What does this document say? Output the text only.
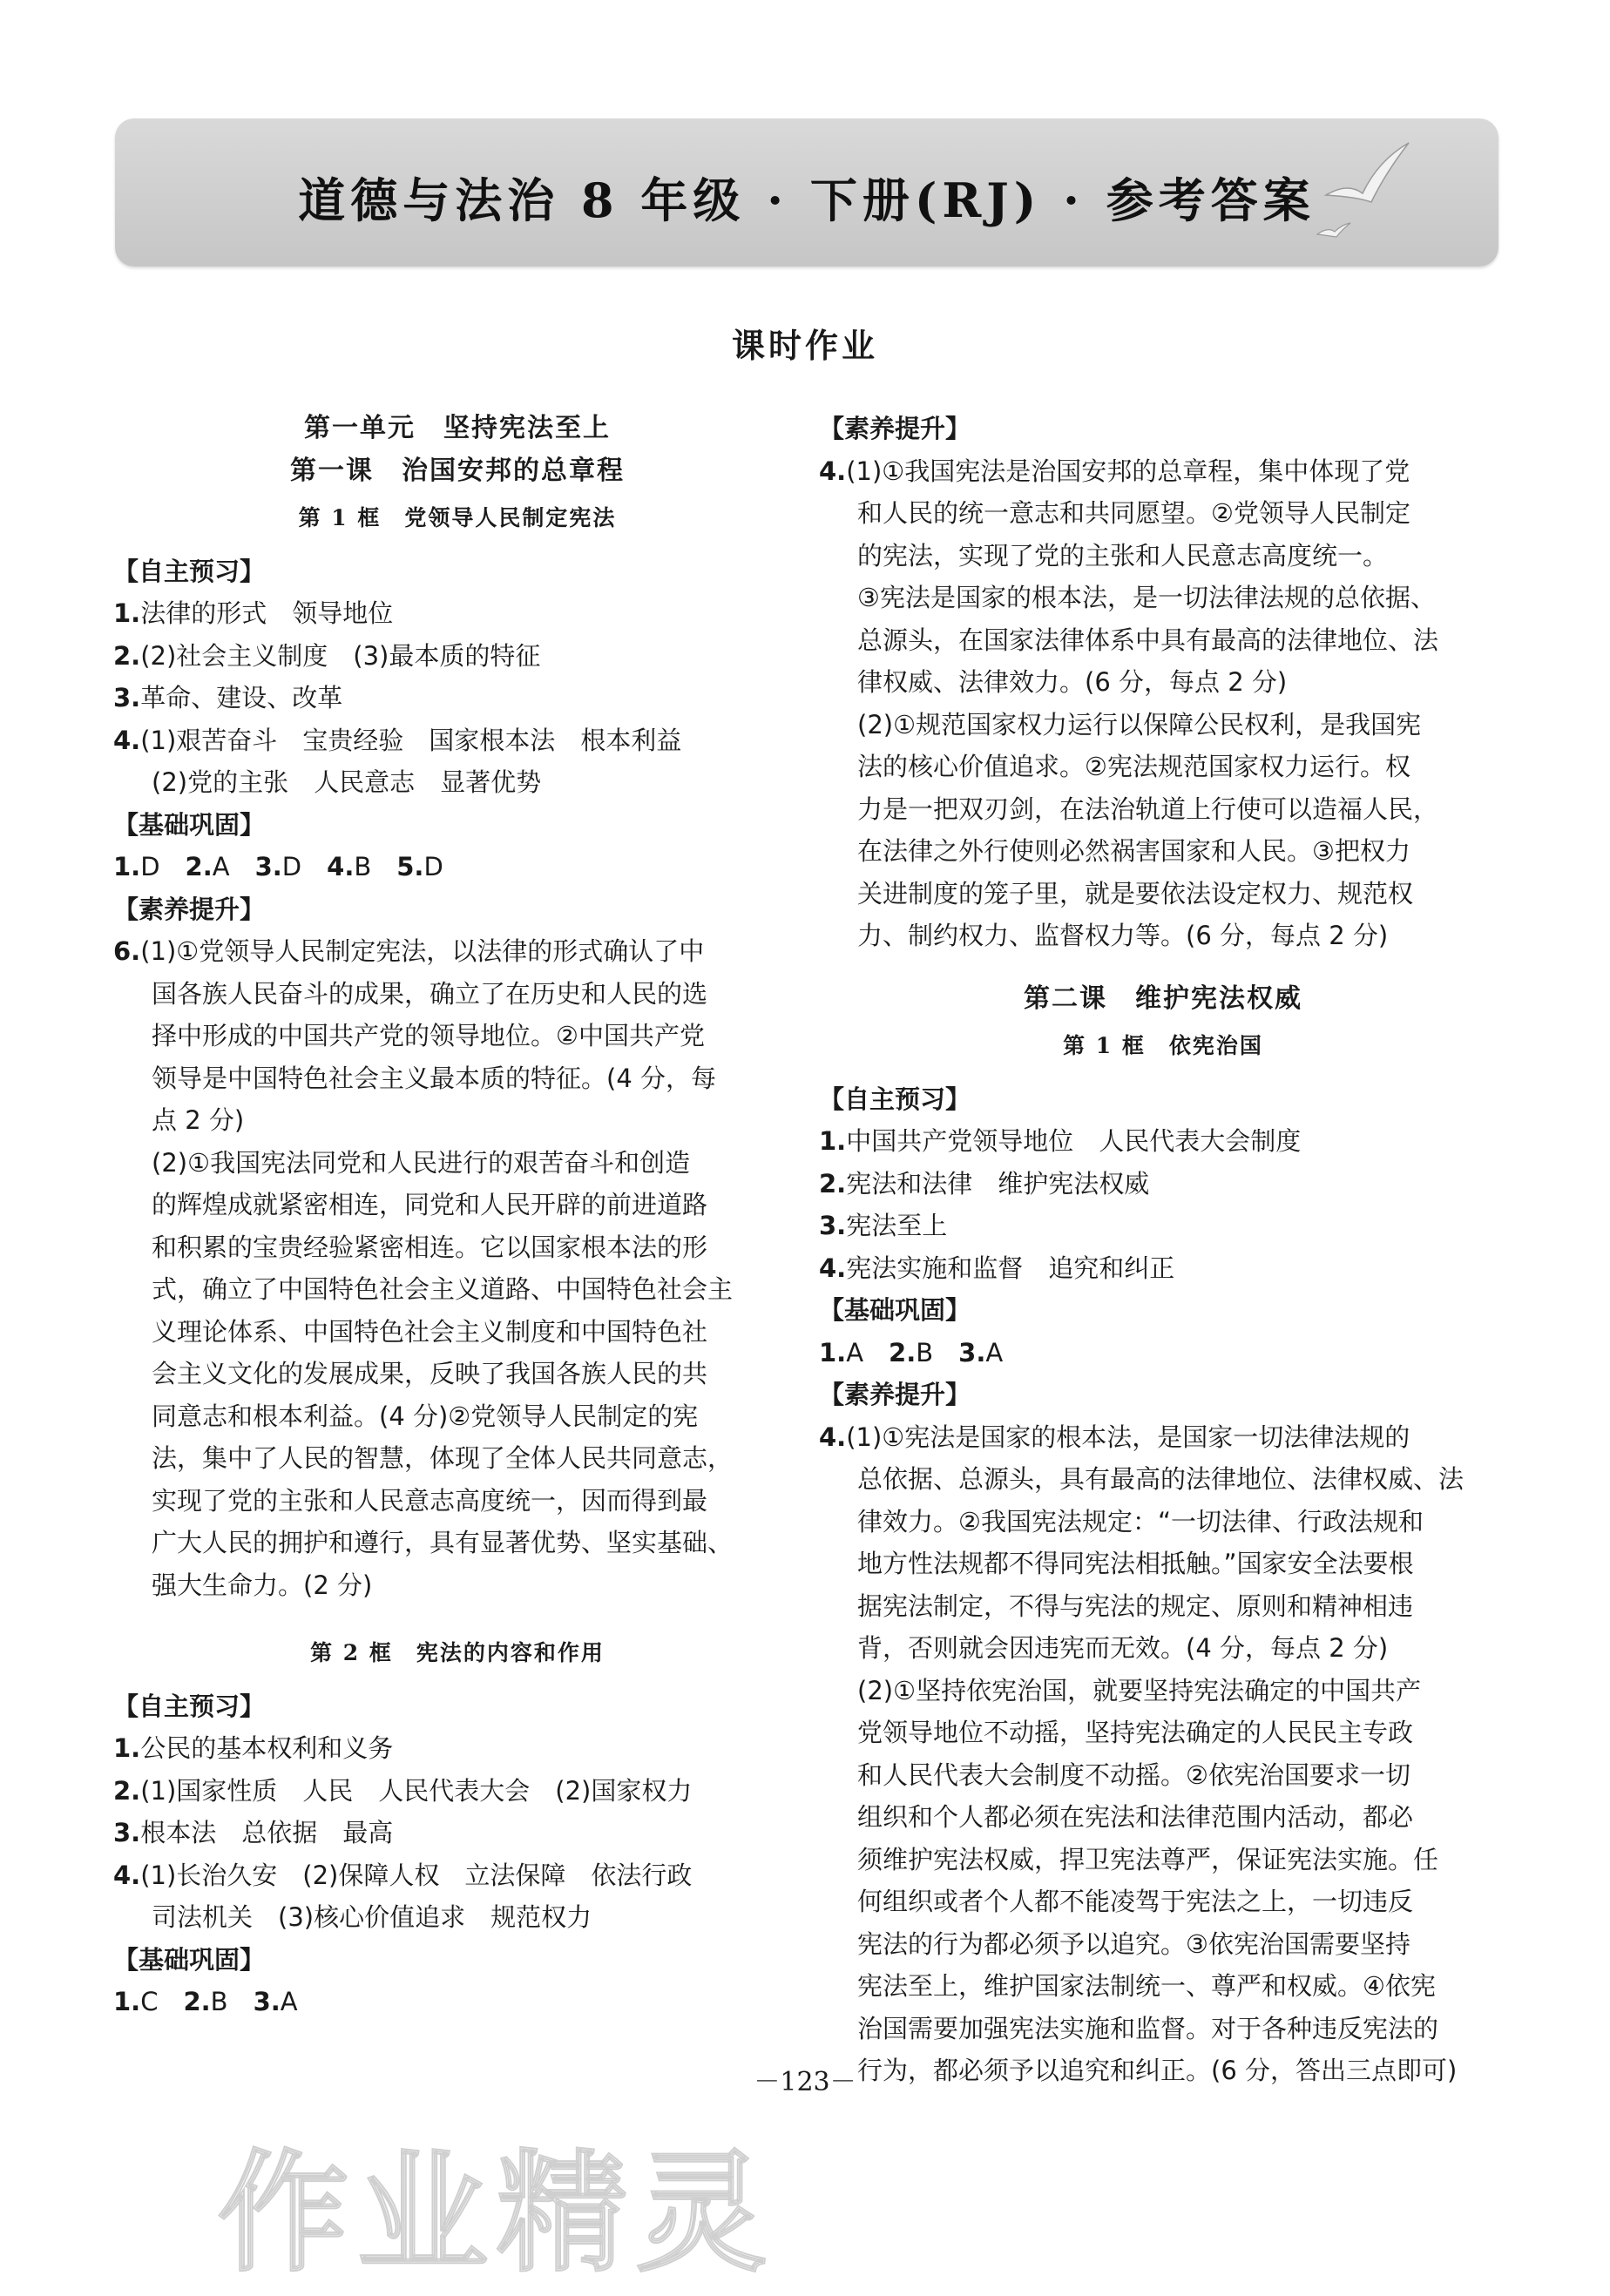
道德与法治 8 年级 · 下册(RJ) · 参考答案
课时作业
第一单元　坚持宪法至上
第一课　治国安邦的总章程
第 1 框　党领导人民制定宪法
【自主预习】
1.法律的形式　领导地位
2.(2)社会主义制度　(3)最本质的特征
3.革命、建设、改革
4.(1)艰苦奋斗　宝贵经验　国家根本法　根本利益
(2)党的主张　人民意志　显著优势
【基础巩固】
1.D　2.A　3.D　4.B　5.D
【素养提升】
6.(1)①党领导人民制定宪法，以法律的形式确认了中
国各族人民奋斗的成果，确立了在历史和人民的选
择中形成的中国共产党的领导地位。②中国共产党
领导是中国特色社会主义最本质的特征。(4 分，每
点 2 分)
(2)①我国宪法同党和人民进行的艰苦奋斗和创造
的辉煌成就紧密相连，同党和人民开辟的前进道路
和积累的宝贵经验紧密相连。它以国家根本法的形
式，确立了中国特色社会主义道路、中国特色社会主
义理论体系、中国特色社会主义制度和中国特色社
会主义文化的发展成果，反映了我国各族人民的共
同意志和根本利益。(4 分)②党领导人民制定的宪
法，集中了人民的智慧，体现了全体人民共同意志，
实现了党的主张和人民意志高度统一，因而得到最
广大人民的拥护和遵行，具有显著优势、坚实基础、
强大生命力。(2 分)
第 2 框　宪法的内容和作用
【自主预习】
1.公民的基本权利和义务
2.(1)国家性质　人民　人民代表大会　(2)国家权力
3.根本法　总依据　最高
4.(1)长治久安　(2)保障人权　立法保障　依法行政
司法机关　(3)核心价值追求　规范权力
【基础巩固】
1.C　2.B　3.A
【素养提升】
4.(1)①我国宪法是治国安邦的总章程，集中体现了党
和人民的统一意志和共同愿望。②党领导人民制定
的宪法，实现了党的主张和人民意志高度统一。
③宪法是国家的根本法，是一切法律法规的总依据、
总源头，在国家法律体系中具有最高的法律地位、法
律权威、法律效力。(6 分，每点 2 分)
(2)①规范国家权力运行以保障公民权利，是我国宪
法的核心价值追求。②宪法规范国家权力运行。权
力是一把双刃剑，在法治轨道上行使可以造福人民，
在法律之外行使则必然祸害国家和人民。③把权力
关进制度的笼子里，就是要依法设定权力、规范权
力、制约权力、监督权力等。(6 分，每点 2 分)
第二课　维护宪法权威
第 1 框　依宪治国
【自主预习】
1.中国共产党领导地位　人民代表大会制度
2.宪法和法律　维护宪法权威
3.宪法至上
4.宪法实施和监督　追究和纠正
【基础巩固】
1.A　2.B　3.A
【素养提升】
4.(1)①宪法是国家的根本法，是国家一切法律法规的
总依据、总源头，具有最高的法律地位、法律权威、法
律效力。②我国宪法规定：“一切法律、行政法规和
地方性法规都不得同宪法相抵触。”国家安全法要根
据宪法制定，不得与宪法的规定、原则和精神相违
背，否则就会因违宪而无效。(4 分，每点 2 分)
(2)①坚持依宪治国，就要坚持宪法确定的中国共产
党领导地位不动摇，坚持宪法确定的人民民主专政
和人民代表大会制度不动摇。②依宪治国要求一切
组织和个人都必须在宪法和法律范围内活动，都必
须维护宪法权威，捍卫宪法尊严，保证宪法实施。任
何组织或者个人都不能凌驾于宪法之上，一切违反
宪法的行为都必须予以追究。③依宪治国需要坚持
宪法至上，维护国家法制统一、尊严和权威。④依宪
治国需要加强宪法实施和监督。对于各种违反宪法的
行为，都必须予以追究和纠正。(6 分，答出三点即可)
－123－
作业精灵
